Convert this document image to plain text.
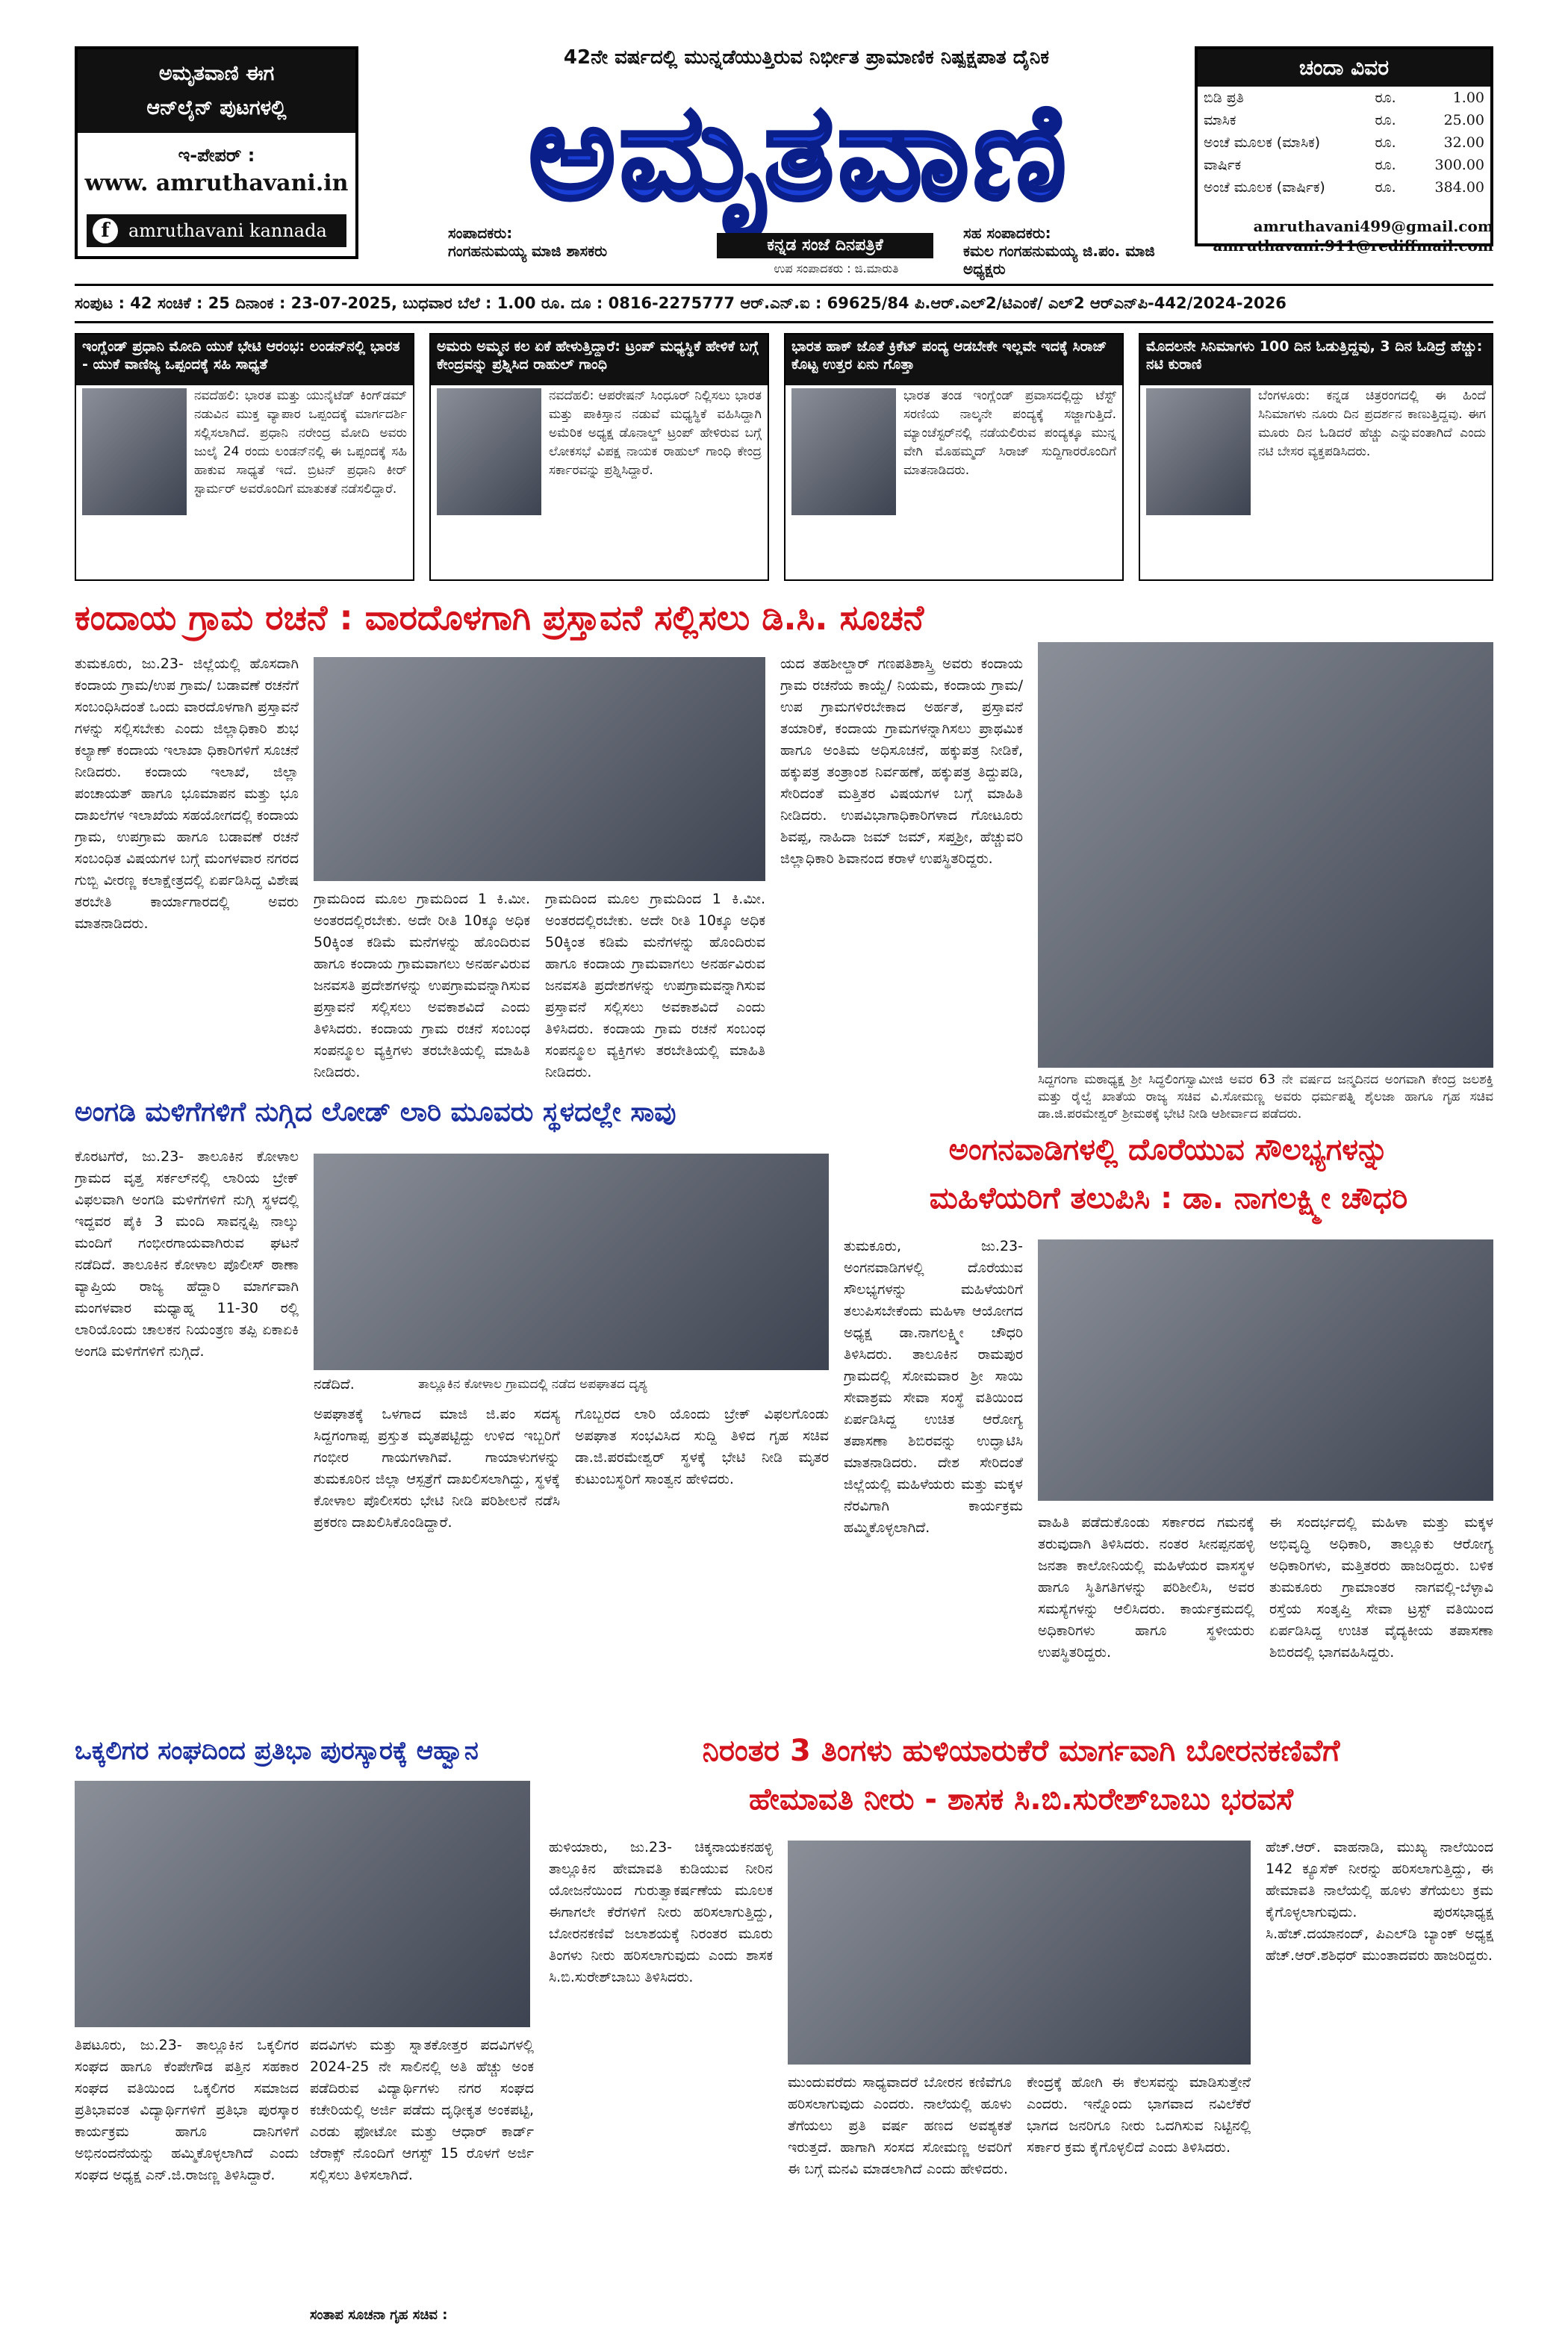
ಅಮೃತವಾಣಿ ಈಗ
ಆನ್‌ಲೈನ್ ಪುಟಗಳಲ್ಲಿ
ಇ-ಪೇಪರ್ :
www. amruthavani.in
f	amruthavani kannada
42ನೇ ವರ್ಷದಲ್ಲಿ ಮುನ್ನಡೆಯುತ್ತಿರುವ ನಿರ್ಭೀತ ಪ್ರಾಮಾಣಿಕ ನಿಷ್ಪಕ್ಷಪಾತ ದೈನಿಕ
ಅಮೃತವಾಣಿ
ಸಂಪಾದಕರು:
ಗಂಗಹನುಮಯ್ಯ ಮಾಜಿ ಶಾಸಕರು	ಕನ್ನಡ ಸಂಜೆ ದಿನಪತ್ರಿಕೆ
ಉಪ ಸಂಪಾದಕರು : ಜಿ.ಮಾರುತಿ
ಸಹ ಸಂಪಾದಕರು:
ಕಮಲ ಗಂಗಹನುಮಯ್ಯ ಜಿ.ಪಂ. ಮಾಜಿ ಅಧ್ಯಕ್ಷರು
ಚಂದಾ ವಿವರ
ಬಿಡಿ ಪ್ರತಿ	ರೂ.	1.00
ಮಾಸಿಕ	ರೂ.	25.00
ಅಂಚೆ ಮೂಲಕ (ಮಾಸಿಕ)	ರೂ.	32.00
ವಾರ್ಷಿಕ	ರೂ.	300.00
ಅಂಚೆ ಮೂಲಕ (ವಾರ್ಷಿಕ)	ರೂ.	384.00
amruthavani499@gmail.com
amruthavani.911@rediffmail.com
ಸಂಪುಟ : 42 ಸಂಚಿಕೆ : 25 ದಿನಾಂಕ : 23-07-2025, ಬುಧವಾರ ಬೆಲೆ : 1.00 ರೂ. ದೂ : 0816-2275777 ಆರ್.ಎನ್.ಐ : 69625/84 ಪಿ.ಆರ್.ಎಲ್2/ಟಿಎಂಕೆ/ ಎಲ್2 ಆರ್‌ಎನ್‌ಪಿ-442/2024-2026
ಇಂಗ್ಲೆಂಡ್ ಪ್ರಧಾನಿ ಮೋದಿ ಯುಕೆ ಭೇಟಿ ಆರಂಭ: ಲಂಡನ್‌ನಲ್ಲಿ ಭಾರತ - ಯುಕೆ ವಾಣಿಜ್ಯ ಒಪ್ಪಂದಕ್ಕೆ ಸಹಿ ಸಾಧ್ಯತೆ
ನವದೆಹಲಿ: ಭಾರತ ಮತ್ತು ಯುನೈಟೆಡ್ ಕಿಂಗ್‌ಡಮ್ ನಡುವಿನ ಮುಕ್ತ ವ್ಯಾಪಾರ ಒಪ್ಪಂದಕ್ಕೆ ಮಾರ್ಗದರ್ಶಿ ಸಲ್ಲಿಸಲಾಗಿದೆ. ಪ್ರಧಾನಿ ನರೇಂದ್ರ ಮೋದಿ ಅವರು ಜುಲೈ 24 ರಂದು ಲಂಡನ್‌ನಲ್ಲಿ ಈ ಒಪ್ಪಂದಕ್ಕೆ ಸಹಿ ಹಾಕುವ ಸಾಧ್ಯತೆ ಇದೆ. ಬ್ರಿಟನ್ ಪ್ರಧಾನಿ ಕೀರ್ ಸ್ಟಾರ್ಮರ್ ಅವರೊಂದಿಗೆ ಮಾತುಕತೆ ನಡೆಸಲಿದ್ದಾರೆ.
ಅಮರು ಅಮ್ಮನ ಕಲ ಏಕೆ ಹೇಳುತ್ತಿದ್ದಾರೆ: ಟ್ರಂಪ್ ಮಧ್ಯಸ್ಥಿಕೆ ಹೇಳಿಕೆ ಬಗ್ಗೆ ಕೇಂದ್ರವನ್ನು ಪ್ರಶ್ನಿಸಿದ ರಾಹುಲ್ ಗಾಂಧಿ
ನವದೆಹಲಿ: ಆಪರೇಷನ್ ಸಿಂಧೂರ್ ನಿಲ್ಲಿಸಲು ಭಾರತ ಮತ್ತು ಪಾಕಿಸ್ತಾನ ನಡುವೆ ಮಧ್ಯಸ್ಥಿಕೆ ವಹಿಸಿದ್ದಾಗಿ ಅಮೆರಿಕ ಅಧ್ಯಕ್ಷ ಡೊನಾಲ್ಡ್ ಟ್ರಂಪ್ ಹೇಳಿರುವ ಬಗ್ಗೆ ಲೋಕಸಭೆ ವಿಪಕ್ಷ ನಾಯಕ ರಾಹುಲ್ ಗಾಂಧಿ ಕೇಂದ್ರ ಸರ್ಕಾರವನ್ನು ಪ್ರಶ್ನಿಸಿದ್ದಾರೆ.
ಭಾರತ ಹಾಕ್ ಜೊತೆ ಕ್ರಿಕೆಟ್ ಪಂದ್ಯ ಆಡಬೇಕೇ ಇಲ್ಲವೇ ಇದಕ್ಕೆ ಸಿರಾಜ್ ಕೊಟ್ಟ ಉತ್ತರ ಏನು ಗೊತ್ತಾ
ಭಾರತ ತಂಡ ಇಂಗ್ಲೆಂಡ್ ಪ್ರವಾಸದಲ್ಲಿದ್ದು ಟೆಸ್ಟ್ ಸರಣಿಯ ನಾಲ್ಕನೇ ಪಂದ್ಯಕ್ಕೆ ಸಜ್ಜಾಗುತ್ತಿದೆ. ಮ್ಯಾಂಚೆಸ್ಟರ್‌ನಲ್ಲಿ ನಡೆಯಲಿರುವ ಪಂದ್ಯಕ್ಕೂ ಮುನ್ನ ವೇಗಿ ಮೊಹಮ್ಮದ್ ಸಿರಾಜ್ ಸುದ್ದಿಗಾರರೊಂದಿಗೆ ಮಾತನಾಡಿದರು.
ಮೊದಲನೇ ಸಿನಿಮಾಗಳು 100 ದಿನ ಓಡುತ್ತಿದ್ದವು, 3 ದಿನ ಓಡಿದ್ರೆ ಹೆಚ್ಚು: ನಟಿ ಕುರಾಣಿ
ಬೆಂಗಳೂರು: ಕನ್ನಡ ಚಿತ್ರರಂಗದಲ್ಲಿ ಈ ಹಿಂದೆ ಸಿನಿಮಾಗಳು ನೂರು ದಿನ ಪ್ರದರ್ಶನ ಕಾಣುತ್ತಿದ್ದವು. ಈಗ ಮೂರು ದಿನ ಓಡಿದರೆ ಹೆಚ್ಚು ಎನ್ನುವಂತಾಗಿದೆ ಎಂದು ನಟಿ ಬೇಸರ ವ್ಯಕ್ತಪಡಿಸಿದರು.
ಕಂದಾಯ ಗ್ರಾಮ ರಚನೆ : ವಾರದೊಳಗಾಗಿ ಪ್ರಸ್ತಾವನೆ ಸಲ್ಲಿಸಲು ಡಿ.ಸಿ. ಸೂಚನೆ
ತುಮಕೂರು, ಜು.23- ಜಿಲ್ಲೆಯಲ್ಲಿ ಹೊಸದಾಗಿ ಕಂದಾಯ ಗ್ರಾಮ/ಉಪ ಗ್ರಾಮ/ ಬಡಾವಣೆ ರಚನೆಗೆ ಸಂಬಂಧಿಸಿದಂತೆ ಒಂದು ವಾರದೊಳಗಾಗಿ ಪ್ರಸ್ತಾವನೆ ಗಳನ್ನು ಸಲ್ಲಿಸಬೇಕು ಎಂದು ಜಿಲ್ಲಾಧಿಕಾರಿ ಶುಭ ಕಲ್ಯಾಣ್ ಕಂದಾಯ ಇಲಾಖಾ ಧಿಕಾರಿಗಳಿಗೆ ಸೂಚನೆ ನೀಡಿದರು. ಕಂದಾಯ ಇಲಾಖೆ, ಜಿಲ್ಲಾ ಪಂಚಾಯತ್ ಹಾಗೂ ಭೂಮಾಪನ ಮತ್ತು ಭೂ ದಾಖಲೆಗಳ ಇಲಾಖೆಯ ಸಹಯೋಗದಲ್ಲಿ ಕಂದಾಯ ಗ್ರಾಮ, ಉಪಗ್ರಾಮ ಹಾಗೂ ಬಡಾವಣೆ ರಚನೆ ಸಂಬಂಧಿತ ವಿಷಯಗಳ ಬಗ್ಗೆ ಮಂಗಳವಾರ ನಗರದ ಗುಬ್ಬಿ ವೀರಣ್ಣ ಕಲಾಕ್ಷೇತ್ರದಲ್ಲಿ ಏರ್ಪಡಿಸಿದ್ದ ವಿಶೇಷ ತರಬೇತಿ ಕಾರ್ಯಾಗಾರದಲ್ಲಿ ಅವರು ಮಾತನಾಡಿದರು.
ಗ್ರಾಮದಿಂದ ಮೂಲ ಗ್ರಾಮದಿಂದ 1 ಕಿ.ಮೀ. ಅಂತರದಲ್ಲಿರಬೇಕು. ಅದೇ ರೀತಿ 10ಕ್ಕೂ ಅಧಿಕ 50ಕ್ಕಿಂತ ಕಡಿಮೆ ಮನೆಗಳನ್ನು ಹೊಂದಿರುವ ಹಾಗೂ ಕಂದಾಯ ಗ್ರಾಮವಾಗಲು ಅನರ್ಹವಿರುವ ಜನವಸತಿ ಪ್ರದೇಶಗಳನ್ನು ಉಪಗ್ರಾಮವನ್ನಾಗಿಸುವ ಪ್ರಸ್ತಾವನೆ ಸಲ್ಲಿಸಲು ಅವಕಾಶವಿದೆ ಎಂದು ತಿಳಿಸಿದರು. ಕಂದಾಯ ಗ್ರಾಮ ರಚನೆ ಸಂಬಂಧ ಸಂಪನ್ಮೂಲ ವ್ಯಕ್ತಿಗಳು ತರಬೇತಿಯಲ್ಲಿ ಮಾಹಿತಿ ನೀಡಿದರು.
ಗ್ರಾಮದಿಂದ ಮೂಲ ಗ್ರಾಮದಿಂದ 1 ಕಿ.ಮೀ. ಅಂತರದಲ್ಲಿರಬೇಕು. ಅದೇ ರೀತಿ 10ಕ್ಕೂ ಅಧಿಕ 50ಕ್ಕಿಂತ ಕಡಿಮೆ ಮನೆಗಳನ್ನು ಹೊಂದಿರುವ ಹಾಗೂ ಕಂದಾಯ ಗ್ರಾಮವಾಗಲು ಅನರ್ಹವಿರುವ ಜನವಸತಿ ಪ್ರದೇಶಗಳನ್ನು ಉಪಗ್ರಾಮವನ್ನಾಗಿಸುವ ಪ್ರಸ್ತಾವನೆ ಸಲ್ಲಿಸಲು ಅವಕಾಶವಿದೆ ಎಂದು ತಿಳಿಸಿದರು. ಕಂದಾಯ ಗ್ರಾಮ ರಚನೆ ಸಂಬಂಧ ಸಂಪನ್ಮೂಲ ವ್ಯಕ್ತಿಗಳು ತರಬೇತಿಯಲ್ಲಿ ಮಾಹಿತಿ ನೀಡಿದರು.
ಯದ ತಹಶೀಲ್ದಾರ್ ಗಣಪತಿಶಾಸ್ತ್ರಿ ಅವರು ಕಂದಾಯ ಗ್ರಾಮ ರಚನೆಯ ಕಾಯ್ದೆ/ ನಿಯಮ, ಕಂದಾಯ ಗ್ರಾಮ/ಉಪ ಗ್ರಾಮಗಳಿರಬೇಕಾದ ಅರ್ಹತೆ, ಪ್ರಸ್ತಾವನೆ ತಯಾರಿಕೆ, ಕಂದಾಯ ಗ್ರಾಮಗಳನ್ನಾಗಿಸಲು ಪ್ರಾಥಮಿಕ ಹಾಗೂ ಅಂತಿಮ ಅಧಿಸೂಚನೆ, ಹಕ್ಕುಪತ್ರ ನೀಡಿಕೆ, ಹಕ್ಕುಪತ್ರ ತಂತ್ರಾಂಶ ನಿರ್ವಹಣೆ, ಹಕ್ಕುಪತ್ರ ತಿದ್ದುಪಡಿ, ಸೇರಿದಂತೆ ಮತ್ತಿತರ ವಿಷಯಗಳ ಬಗ್ಗೆ ಮಾಹಿತಿ ನೀಡಿದರು. ಉಪವಿಭಾಗಾಧಿಕಾರಿಗಳಾದ ಗೋಟೂರು ಶಿವಪ್ಪ, ನಾಹಿದಾ ಜಮ್ ಜಮ್, ಸಪ್ತಶ್ರೀ, ಹೆಚ್ಚುವರಿ ಜಿಲ್ಲಾಧಿಕಾರಿ ಶಿವಾನಂದ ಕರಾಳೆ ಉಪಸ್ಥಿತರಿದ್ದರು.
ಸಿದ್ದಗಂಗಾ ಮಠಾಧ್ಯಕ್ಷ ಶ್ರೀ ಸಿದ್ಧಲಿಂಗಸ್ವಾಮೀಜಿ ಅವರ 63 ನೇ ವರ್ಷದ ಜನ್ಮದಿನದ ಅಂಗವಾಗಿ ಕೇಂದ್ರ ಜಲಶಕ್ತಿ ಮತ್ತು ರೈಲ್ವೆ ಖಾತೆಯ ರಾಜ್ಯ ಸಚಿವ ವಿ.ಸೋಮಣ್ಣ ಅವರು ಧರ್ಮಪತ್ನಿ ಶೈಲಜಾ ಹಾಗೂ ಗೃಹ ಸಚಿವ ಡಾ.ಜಿ.ಪರಮೇಶ್ವರ್ ಶ್ರೀಮಠಕ್ಕೆ ಭೇಟಿ ನೀಡಿ ಆಶೀರ್ವಾದ ಪಡೆದರು.
ಅಂಗಡಿ ಮಳಿಗೆಗಳಿಗೆ ನುಗ್ಗಿದ ಲೋಡ್ ಲಾರಿ ಮೂವರು ಸ್ಥಳದಲ್ಲೇ ಸಾವು
ಕೊರಟಗೆರೆ, ಜು.23- ತಾಲೂಕಿನ ಕೋಳಾಲ ಗ್ರಾಮದ ವೃತ್ತ ಸರ್ಕಲ್‌ನಲ್ಲಿ ಲಾರಿಯ ಬ್ರೇಕ್ ವಿಫಲವಾಗಿ ಅಂಗಡಿ ಮಳಿಗೆಗಳಿಗೆ ನುಗ್ಗಿ ಸ್ಥಳದಲ್ಲಿ ಇದ್ದವರ ಪೈಕಿ 3 ಮಂದಿ ಸಾವನ್ನಪ್ಪಿ ನಾಲ್ಕು ಮಂದಿಗೆ ಗಂಭೀರಗಾಯವಾಗಿರುವ ಘಟನೆ ನಡೆದಿದೆ. ತಾಲೂಕಿನ ಕೋಳಾಲ ಪೊಲೀಸ್ ಠಾಣಾ ವ್ಯಾಪ್ತಿಯ ರಾಜ್ಯ ಹೆದ್ದಾರಿ ಮಾರ್ಗವಾಗಿ ಮಂಗಳವಾರ ಮಧ್ಯಾಹ್ನ 11-30 ರಲ್ಲಿ ಲಾರಿಯೊಂದು ಚಾಲಕನ ನಿಯಂತ್ರಣ ತಪ್ಪಿ ಏಕಾಏಕಿ ಅಂಗಡಿ ಮಳಿಗೆಗಳಿಗೆ ನುಗ್ಗಿದೆ.
ನಡೆದಿದೆ.	ತಾಲ್ಲೂಕಿನ ಕೋಳಾಲ ಗ್ರಾಮದಲ್ಲಿ ನಡೆದ ಅಪಘಾತದ ದೃಶ್ಯ
ಅಪಘಾತಕ್ಕೆ ಒಳಗಾದ ಮಾಜಿ ಜಿ.ಪಂ ಸದಸ್ಯ ಸಿದ್ದಗಂಗಾಪ್ಪ ಪ್ರಸ್ತುತ ಮೃತಪಟ್ಟಿದ್ದು ಉಳಿದ ಇಬ್ಬರಿಗೆ ಗಂಭೀರ ಗಾಯಗಳಾಗಿವೆ. ಗಾಯಾಳುಗಳನ್ನು ತುಮಕೂರಿನ ಜಿಲ್ಲಾ ಆಸ್ಪತ್ರೆಗೆ ದಾಖಲಿಸಲಾಗಿದ್ದು, ಸ್ಥಳಕ್ಕೆ ಕೋಳಾಲ ಪೊಲೀಸರು ಭೇಟಿ ನೀಡಿ ಪರಿಶೀಲನೆ ನಡೆಸಿ ಪ್ರಕರಣ ದಾಖಲಿಸಿಕೊಂಡಿದ್ದಾರೆ.
ಗೊಬ್ಬರದ ಲಾರಿ ಯೊಂದು ಬ್ರೇಕ್ ವಿಫಲಗೊಂಡು ಅಪಘಾತ ಸಂಭವಿಸಿದ ಸುದ್ದಿ ತಿಳಿದ ಗೃಹ ಸಚಿವ ಡಾ.ಜಿ.ಪರಮೇಶ್ವರ್ ಸ್ಥಳಕ್ಕೆ ಭೇಟಿ ನೀಡಿ ಮೃತರ ಕುಟುಂಬಸ್ಥರಿಗೆ ಸಾಂತ್ವನ ಹೇಳಿದರು.
ಅಂಗನವಾಡಿಗಳಲ್ಲಿ ದೊರೆಯುವ ಸೌಲಭ್ಯಗಳನ್ನು
ಮಹಿಳೆಯರಿಗೆ ತಲುಪಿಸಿ : ಡಾ. ನಾಗಲಕ್ಷ್ಮೀ ಚೌಧರಿ
ತುಮಕೂರು, ಜು.23- ಅಂಗನವಾಡಿಗಳಲ್ಲಿ ದೊರೆಯುವ ಸೌಲಭ್ಯಗಳನ್ನು ಮಹಿಳೆಯರಿಗೆ ತಲುಪಿಸಬೇಕೆಂದು ಮಹಿಳಾ ಆಯೋಗದ ಅಧ್ಯಕ್ಷ ಡಾ.ನಾಗಲಕ್ಷ್ಮೀ ಚೌಧರಿ ತಿಳಿಸಿದರು. ತಾಲೂಕಿನ ರಾಮಪುರ ಗ್ರಾಮದಲ್ಲಿ ಸೋಮವಾರ ಶ್ರೀ ಸಾಯಿ ಸೇವಾಶ್ರಮ ಸೇವಾ ಸಂಸ್ಥೆ ವತಿಯಿಂದ ಏರ್ಪಡಿಸಿದ್ದ ಉಚಿತ ಆರೋಗ್ಯ ತಪಾಸಣಾ ಶಿಬಿರವನ್ನು ಉದ್ಘಾಟಿಸಿ ಮಾತನಾಡಿದರು. ದೇಶ ಸೇರಿದಂತೆ ಜಿಲ್ಲೆಯಲ್ಲಿ ಮಹಿಳೆಯರು ಮತ್ತು ಮಕ್ಕಳ ನೆರವಿಗಾಗಿ ಕಾರ್ಯಕ್ರಮ ಹಮ್ಮಿಕೊಳ್ಳಲಾಗಿದೆ.	ವಾಹಿತಿ ಪಡೆದುಕೊಂಡು ಸರ್ಕಾರದ ಗಮನಕ್ಕೆ ತರುವುದಾಗಿ ತಿಳಿಸಿದರು. ನಂತರ ಸೀನಪ್ಪನಹಳ್ಳಿ ಜನತಾ ಕಾಲೋನಿಯಲ್ಲಿ ಮಹಿಳೆಯರ ವಾಸಸ್ಥಳ ಹಾಗೂ ಸ್ಥಿತಿಗತಿಗಳನ್ನು ಪರಿಶೀಲಿಸಿ, ಅವರ ಸಮಸ್ಯೆಗಳನ್ನು ಆಲಿಸಿದರು. ಕಾರ್ಯಕ್ರಮದಲ್ಲಿ ಅಧಿಕಾರಿಗಳು ಹಾಗೂ ಸ್ಥಳೀಯರು ಉಪಸ್ಥಿತರಿದ್ದರು.
ಈ ಸಂದರ್ಭದಲ್ಲಿ ಮಹಿಳಾ ಮತ್ತು ಮಕ್ಕಳ ಅಭಿವೃದ್ಧಿ ಅಧಿಕಾರಿ, ತಾಲ್ಲೂಕು ಆರೋಗ್ಯ ಅಧಿಕಾರಿಗಳು, ಮತ್ತಿತರರು ಹಾಜರಿದ್ದರು. ಬಳಿಕ ತುಮಕೂರು ಗ್ರಾಮಾಂತರ ನಾಗವಲ್ಲಿ-ಬೆಳ್ಳಾವಿ ರಸ್ತೆಯ ಸಂತೃಪ್ತಿ ಸೇವಾ ಟ್ರಸ್ಟ್ ವತಿಯಿಂದ ಏರ್ಪಡಿಸಿದ್ದ ಉಚಿತ ವೈದ್ಯಕೀಯ ತಪಾಸಣಾ ಶಿಬಿರದಲ್ಲಿ ಭಾಗವಹಿಸಿದ್ದರು.
ಒಕ್ಕಲಿಗರ ಸಂಘದಿಂದ ಪ್ರತಿಭಾ ಪುರಸ್ಕಾರಕ್ಕೆ ಆಹ್ವಾನ
ತಿಪಟೂರು, ಜು.23- ತಾಲ್ಲೂಕಿನ ಒಕ್ಕಲಿಗರ ಸಂಘದ ಹಾಗೂ ಕೆಂಪೇಗೌಡ ಪತ್ತಿನ ಸಹಕಾರ ಸಂಘದ ವತಿಯಿಂದ ಒಕ್ಕಲಿಗರ ಸಮಾಜದ ಪ್ರತಿಭಾವಂತ ವಿದ್ಯಾರ್ಥಿಗಳಿಗೆ ಪ್ರತಿಭಾ ಪುರಸ್ಕಾರ ಕಾರ್ಯಕ್ರಮ ಹಾಗೂ ದಾನಿಗಳಿಗೆ ಅಭಿನಂದನೆಯನ್ನು ಹಮ್ಮಿಕೊಳ್ಳಲಾಗಿದೆ ಎಂದು ಸಂಘದ ಅಧ್ಯಕ್ಷ ಎನ್.ಜಿ.ರಾಜಣ್ಣ ತಿಳಿಸಿದ್ದಾರೆ.
ಪದವಿಗಳು ಮತ್ತು ಸ್ನಾತಕೋತ್ತರ ಪದವಿಗಳಲ್ಲಿ 2024-25 ನೇ ಸಾಲಿನಲ್ಲಿ ಅತಿ ಹೆಚ್ಚು ಅಂಕ ಪಡೆದಿರುವ ವಿದ್ಯಾರ್ಥಿಗಳು ನಗರ ಸಂಘದ ಕಚೇರಿಯಲ್ಲಿ ಅರ್ಜಿ ಪಡೆದು ದೃಢೀಕೃತ ಅಂಕಪಟ್ಟಿ, ಎರಡು ಫೋಟೋ ಮತ್ತು ಆಧಾರ್ ಕಾರ್ಡ್ ಜೆರಾಕ್ಸ್ ನೊಂದಿಗೆ ಆಗಸ್ಟ್ 15 ರೊಳಗೆ ಅರ್ಜಿ ಸಲ್ಲಿಸಲು ತಿಳಿಸಲಾಗಿದೆ.
ಸಂತಾಪ ಸೂಚನಾ ಗೃಹ ಸಚಿವ :
ನಿರಂತರ 3 ತಿಂಗಳು ಹುಳಿಯಾರುಕೆರೆ ಮಾರ್ಗವಾಗಿ ಬೋರನಕಣಿವೆಗೆ
ಹೇಮಾವತಿ ನೀರು - ಶಾಸಕ ಸಿ.ಬಿ.ಸುರೇಶ್‌ಬಾಬು ಭರವಸೆ
ಹುಳಿಯಾರು, ಜು.23- ಚಿಕ್ಕನಾಯಕನಹಳ್ಳಿ ತಾಲ್ಲೂಕಿನ ಹೇಮಾವತಿ ಕುಡಿಯುವ ನೀರಿನ ಯೋಜನೆಯಿಂದ ಗುರುತ್ವಾಕರ್ಷಣೆಯ ಮೂಲಕ ಈಗಾಗಲೇ ಕೆರೆಗಳಿಗೆ ನೀರು ಹರಿಸಲಾಗುತ್ತಿದ್ದು, ಬೋರನಕಣಿವೆ ಜಲಾಶಯಕ್ಕೆ ನಿರಂತರ ಮೂರು ತಿಂಗಳು ನೀರು ಹರಿಸಲಾಗುವುದು ಎಂದು ಶಾಸಕ ಸಿ.ಬಿ.ಸುರೇಶ್‌ಬಾಬು ತಿಳಿಸಿದರು.
ಮುಂದುವರೆದು ಸಾಧ್ಯವಾದರೆ ಬೋರನ ಕಣಿವೆಗೂ ಹರಿಸಲಾಗುವುದು ಎಂದರು. ನಾಲೆಯಲ್ಲಿ ಹೂಳು ತೆಗೆಯಲು ಪ್ರತಿ ವರ್ಷ ಹಣದ ಅವಶ್ಯಕತೆ ಇರುತ್ತದೆ. ಹಾಗಾಗಿ ಸಂಸದ ಸೋಮಣ್ಣ ಅವರಿಗೆ ಈ ಬಗ್ಗೆ ಮನವಿ ಮಾಡಲಾಗಿದೆ ಎಂದು ಹೇಳಿದರು.
ಕೇಂದ್ರಕ್ಕೆ ಹೋಗಿ ಈ ಕೆಲಸವನ್ನು ಮಾಡಿಸುತ್ತೇನೆ ಎಂದರು. ಇನ್ನೊಂದು ಭಾಗವಾದ ನವಿಲೆಕೆರೆ ಭಾಗದ ಜನರಿಗೂ ನೀರು ಒದಗಿಸುವ ನಿಟ್ಟಿನಲ್ಲಿ ಸರ್ಕಾರ ಕ್ರಮ ಕೈಗೊಳ್ಳಲಿದೆ ಎಂದು ತಿಳಿಸಿದರು.
ಹೆಚ್.ಆರ್. ವಾಹನಾಡಿ, ಮುಖ್ಯ ನಾಲೆಯಿಂದ 142 ಕ್ಯೂಸೆಕ್ ನೀರನ್ನು ಹರಿಸಲಾಗುತ್ತಿದ್ದು, ಈ ಹೇಮಾವತಿ ನಾಲೆಯಲ್ಲಿ ಹೂಳು ತೆಗೆಯಲು ಕ್ರಮ ಕೈಗೊಳ್ಳಲಾಗುವುದು. ಪುರಸಭಾಧ್ಯಕ್ಷ ಸಿ.ಹೆಚ್.ದಯಾನಂದ್, ಪಿಎಲ್‌ಡಿ ಬ್ಯಾಂಕ್ ಅಧ್ಯಕ್ಷ ಹೆಚ್.ಆರ್.ಶಶಿಧರ್ ಮುಂತಾದವರು ಹಾಜರಿದ್ದರು.
